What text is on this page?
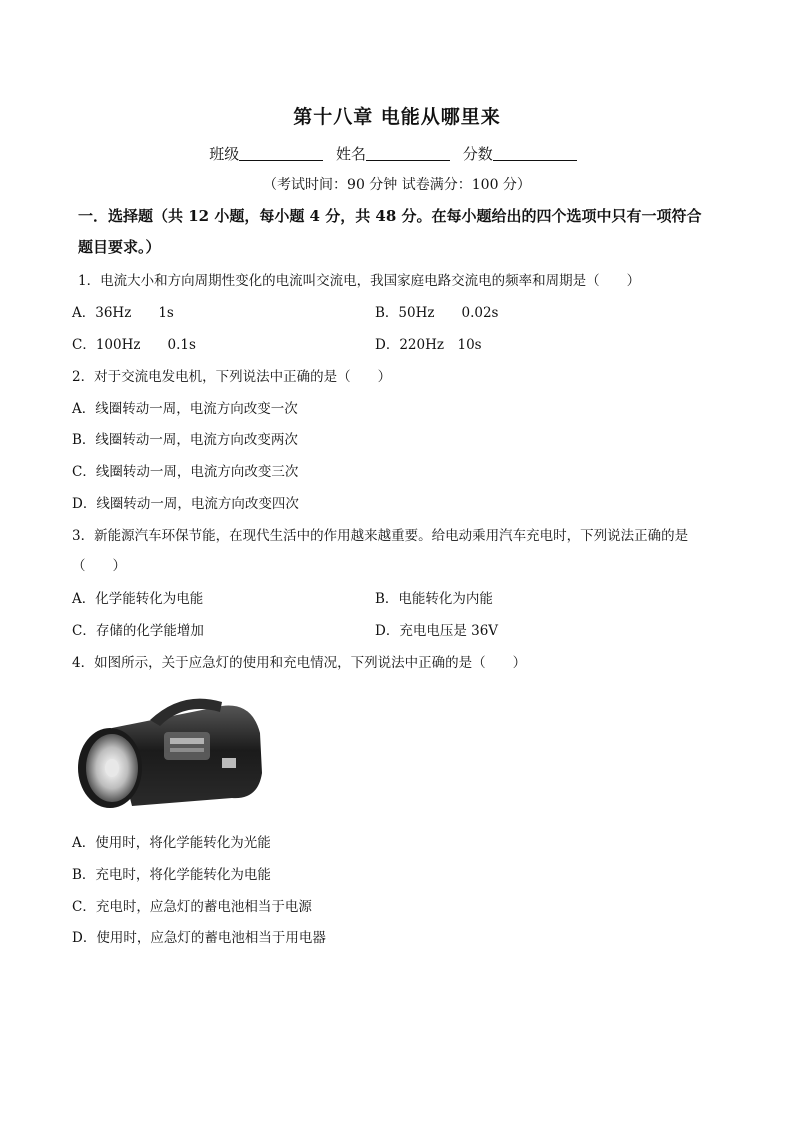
第十八章 电能从哪里来
班级	姓名	分数
（考试时间：90 分钟 试卷满分：100 分）
一．选择题（共 12 小题，每小题 4 分，共 48 分。在每小题给出的四个选项中只有一项符合
题目要求。）
1．电流大小和方向周期性变化的电流叫交流电，我国家庭电路交流电的频率和周期是（　　）
A．36Hz　　1s	B．50Hz　　0.02s
C．100Hz　　0.1s	D．220Hz　10s
2．对于交流电发电机，下列说法中正确的是（　　）
A．线圈转动一周，电流方向改变一次
B．线圈转动一周，电流方向改变两次
C．线圈转动一周，电流方向改变三次
D．线圈转动一周，电流方向改变四次
3．新能源汽车环保节能，在现代生活中的作用越来越重要。给电动乘用汽车充电时，下列说法正确的是
（　　）
A．化学能转化为电能	B．电能转化为内能
C．存储的化学能增加	D．充电电压是 36V
4．如图所示，关于应急灯的使用和充电情况，下列说法中正确的是（　　）
A．使用时，将化学能转化为光能
B．充电时，将化学能转化为电能
C．充电时，应急灯的蓄电池相当于电源
D．使用时，应急灯的蓄电池相当于用电器
